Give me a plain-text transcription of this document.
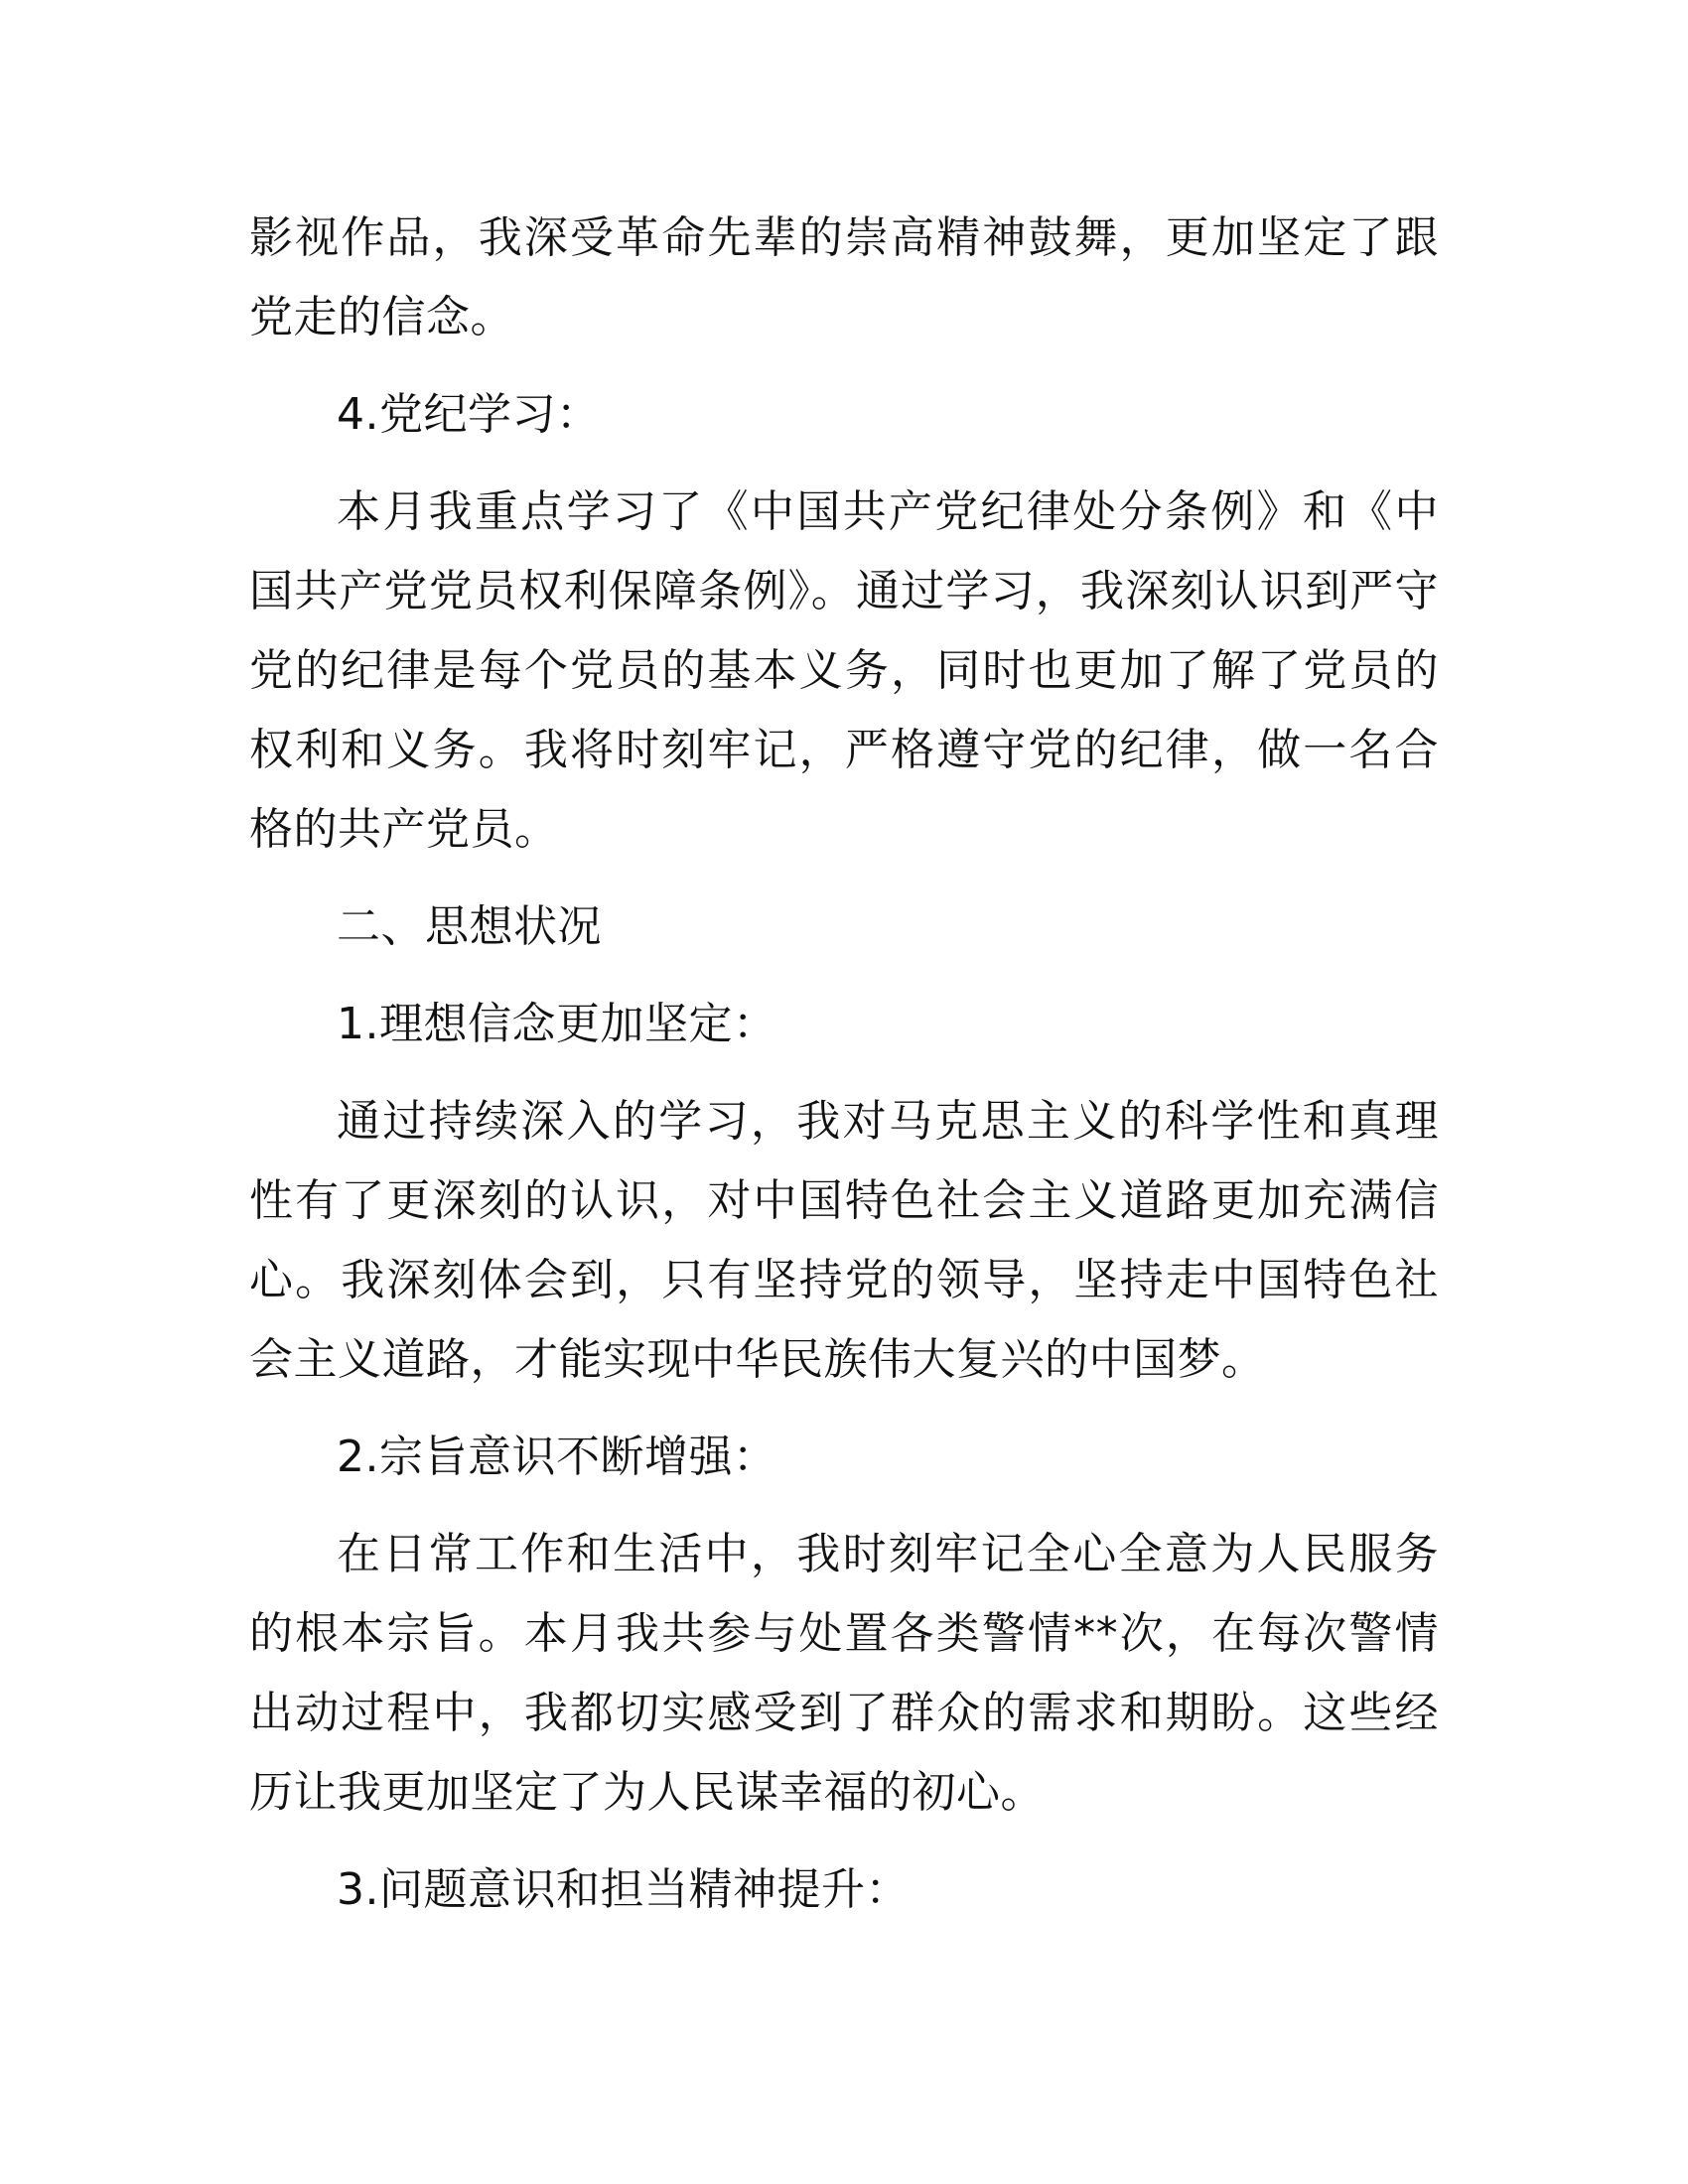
影视作品，我深受革命先辈的崇高精神鼓舞，更加坚定了跟党走的信念。

4.党纪学习：

本月我重点学习了《中国共产党纪律处分条例》和《中国共产党党员权利保障条例》。通过学习，我深刻认识到严守党的纪律是每个党员的基本义务，同时也更加了解了党员的权利和义务。我将时刻牢记，严格遵守党的纪律，做一名合格的共产党员。

二、思想状况

1.理想信念更加坚定：

通过持续深入的学习，我对马克思主义的科学性和真理性有了更深刻的认识，对中国特色社会主义道路更加充满信心。我深刻体会到，只有坚持党的领导，坚持走中国特色社会主义道路，才能实现中华民族伟大复兴的中国梦。

2.宗旨意识不断增强：

在日常工作和生活中，我时刻牢记全心全意为人民服务的根本宗旨。本月我共参与处置各类警情**次，在每次警情出动过程中，我都切实感受到了群众的需求和期盼。这些经历让我更加坚定了为人民谋幸福的初心。

3.问题意识和担当精神提升：
